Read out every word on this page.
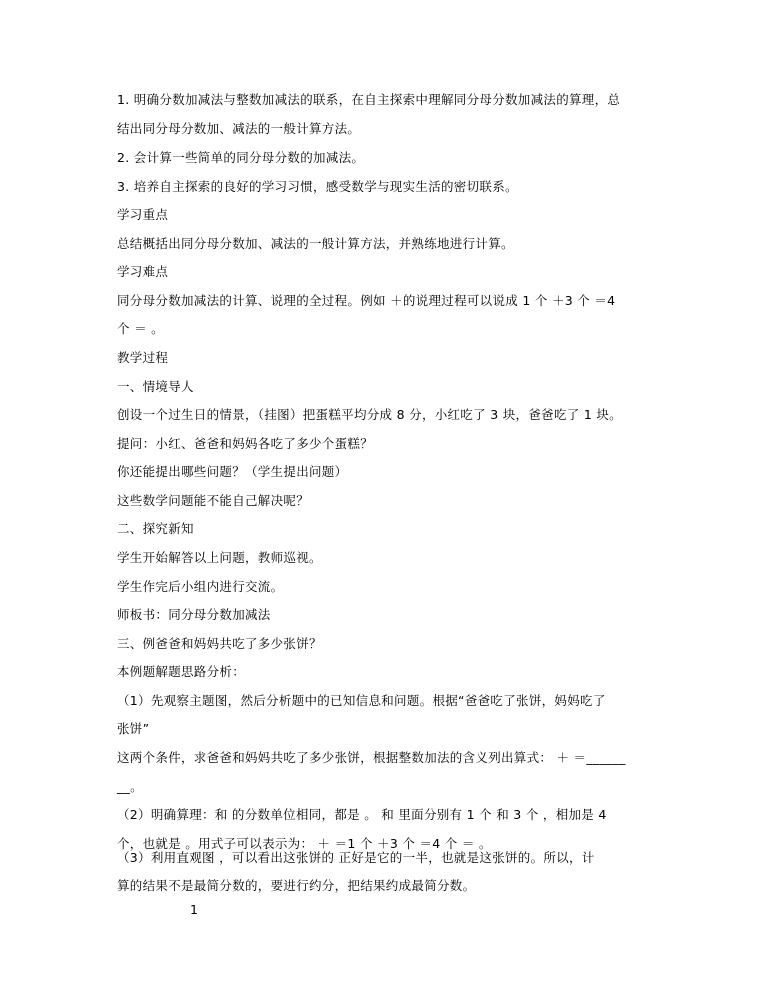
1. 明确分数加减法与整数加减法的联系，在自主探索中理解同分母分数加减法的算理，总
结出同分母分数加、减法的一般计算方法。
2. 会计算一些简单的同分母分数的加减法。
3. 培养自主探索的良好的学习习惯，感受数学与现实生活的密切联系。
学习重点
总结概括出同分母分数加、减法的一般计算方法，并熟练地进行计算。
学习难点
同分母分数加减法的计算、说理的全过程。例如 ＋的说理过程可以说成 1 个 ＋3 个 ＝4
个 ＝ 。
教学过程
一、情境导人
创设一个过生日的情景，（挂图）把蛋糕平均分成 8 分，小红吃了 3 块，爸爸吃了 1 块。
提问：小红、爸爸和妈妈各吃了多少个蛋糕？
你还能提出哪些问题？（学生提出问题）
这些数学问题能不能自己解决呢？
二、探究新知
学生开始解答以上问题，教师巡视。
学生作完后小组内进行交流。
师板书：同分母分数加减法
三、例爸爸和妈妈共吃了多少张饼？
本例题解题思路分析：
（1）先观察主题图，然后分析题中的已知信息和问题。根据“爸爸吃了张饼，妈妈吃了
张饼”
这两个条件，求爸爸和妈妈共吃了多少张饼，根据整数加法的含义列出算式： ＋ ＝______
__。
（2）明确算理：和 的分数单位相同，都是 。 和 里面分别有 1 个 和 3 个 ，相加是 4
个，也就是 。用式子可以表示为： ＋ ＝1 个 ＋3 个 ＝4 个 ＝ 。
（3）利用直观图 ，可以看出这张饼的 正好是它的一半，也就是这张饼的。所以，计
算的结果不是最简分数的，要进行约分，把结果约成最简分数。
1
